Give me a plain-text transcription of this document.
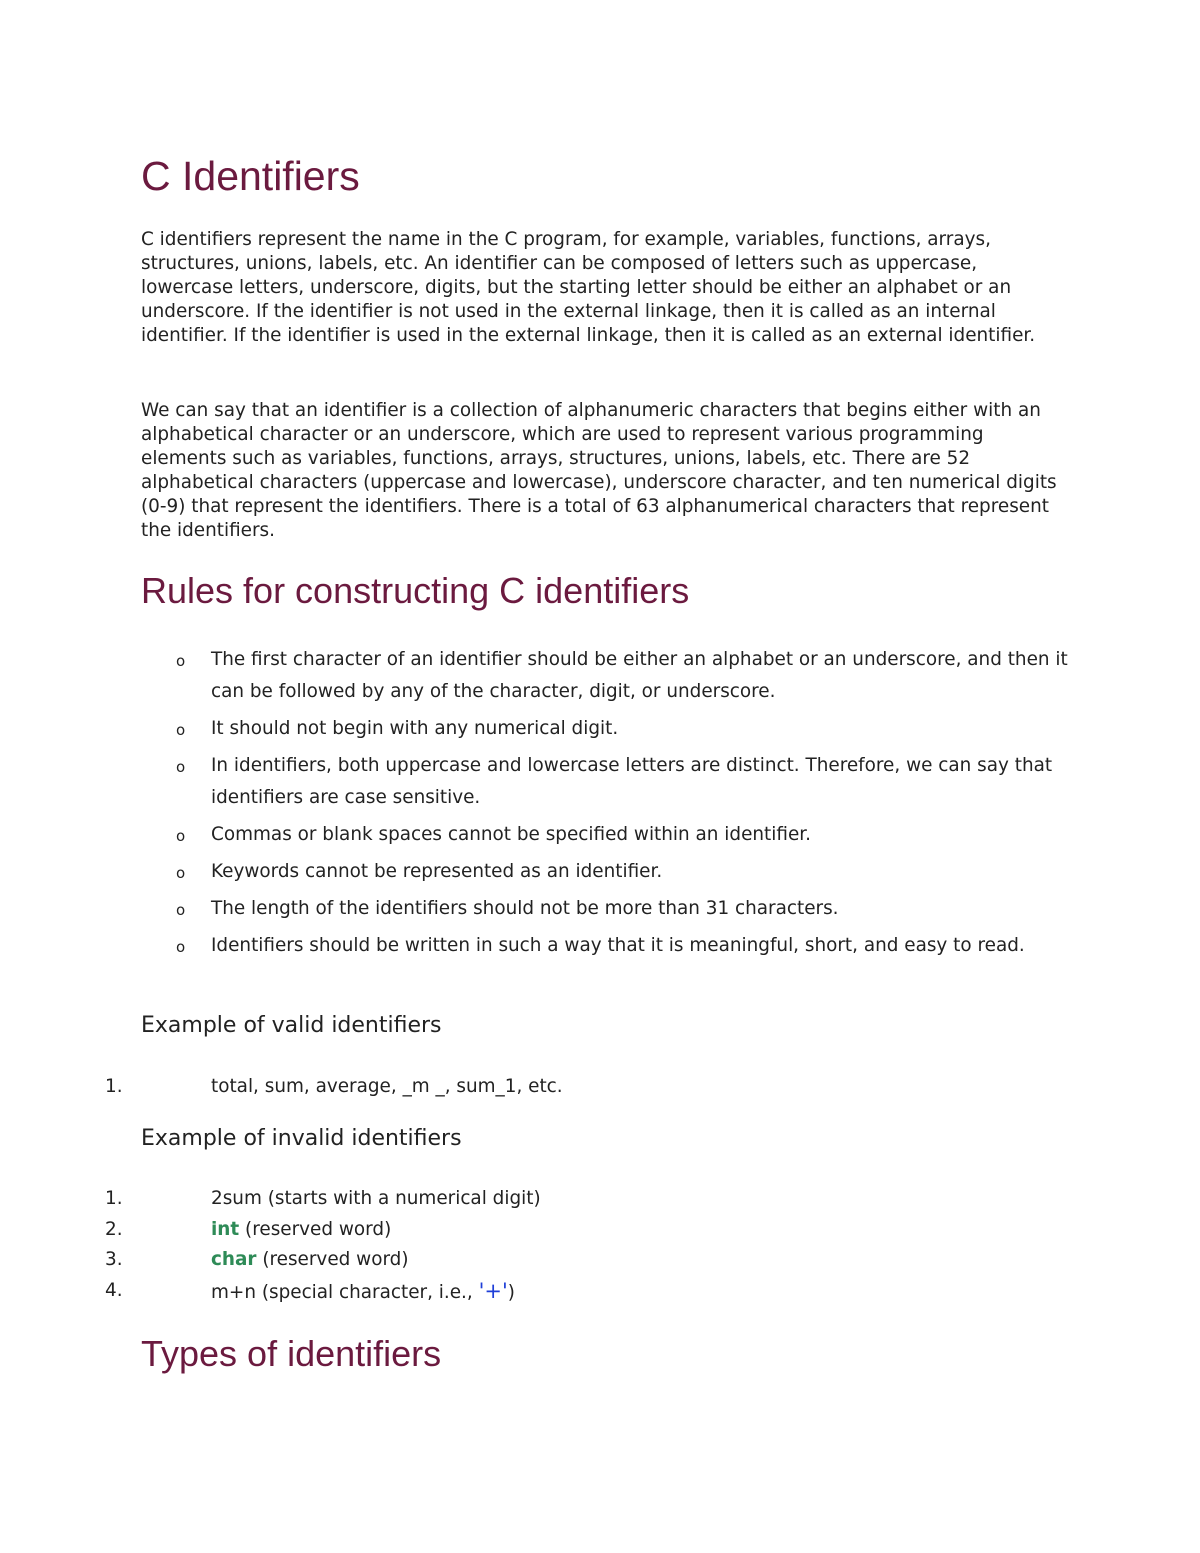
C Identifiers

C identifiers represent the name in the C program, for example, variables, functions, arrays, structures, unions, labels, etc. An identifier can be composed of letters such as uppercase, lowercase letters, underscore, digits, but the starting letter should be either an alphabet or an underscore. If the identifier is not used in the external linkage, then it is called as an internal identifier. If the identifier is used in the external linkage, then it is called as an external identifier.

We can say that an identifier is a collection of alphanumeric characters that begins either with an alphabetical character or an underscore, which are used to represent various programming elements such as variables, functions, arrays, structures, unions, labels, etc. There are 52 alphabetical characters (uppercase and lowercase), underscore character, and ten numerical digits (0-9) that represent the identifiers. There is a total of 63 alphanumerical characters that represent the identifiers.

Rules for constructing C identifiers
o The first character of an identifier should be either an alphabet or an underscore, and then it can be followed by any of the character, digit, or underscore.
o It should not begin with any numerical digit.
o In identifiers, both uppercase and lowercase letters are distinct. Therefore, we can say that identifiers are case sensitive.
o Commas or blank spaces cannot be specified within an identifier.
o Keywords cannot be represented as an identifier.
o The length of the identifiers should not be more than 31 characters.
o Identifiers should be written in such a way that it is meaningful, short, and easy to read.
Example of valid identifiers
1.	total, sum, average, _m _, sum_1, etc.
Example of invalid identifiers
1.	2sum (starts with a numerical digit)
2.	int (reserved word)
3.	char (reserved word)
4.	m+n (special character, i.e., '+')
Types of identifiers
